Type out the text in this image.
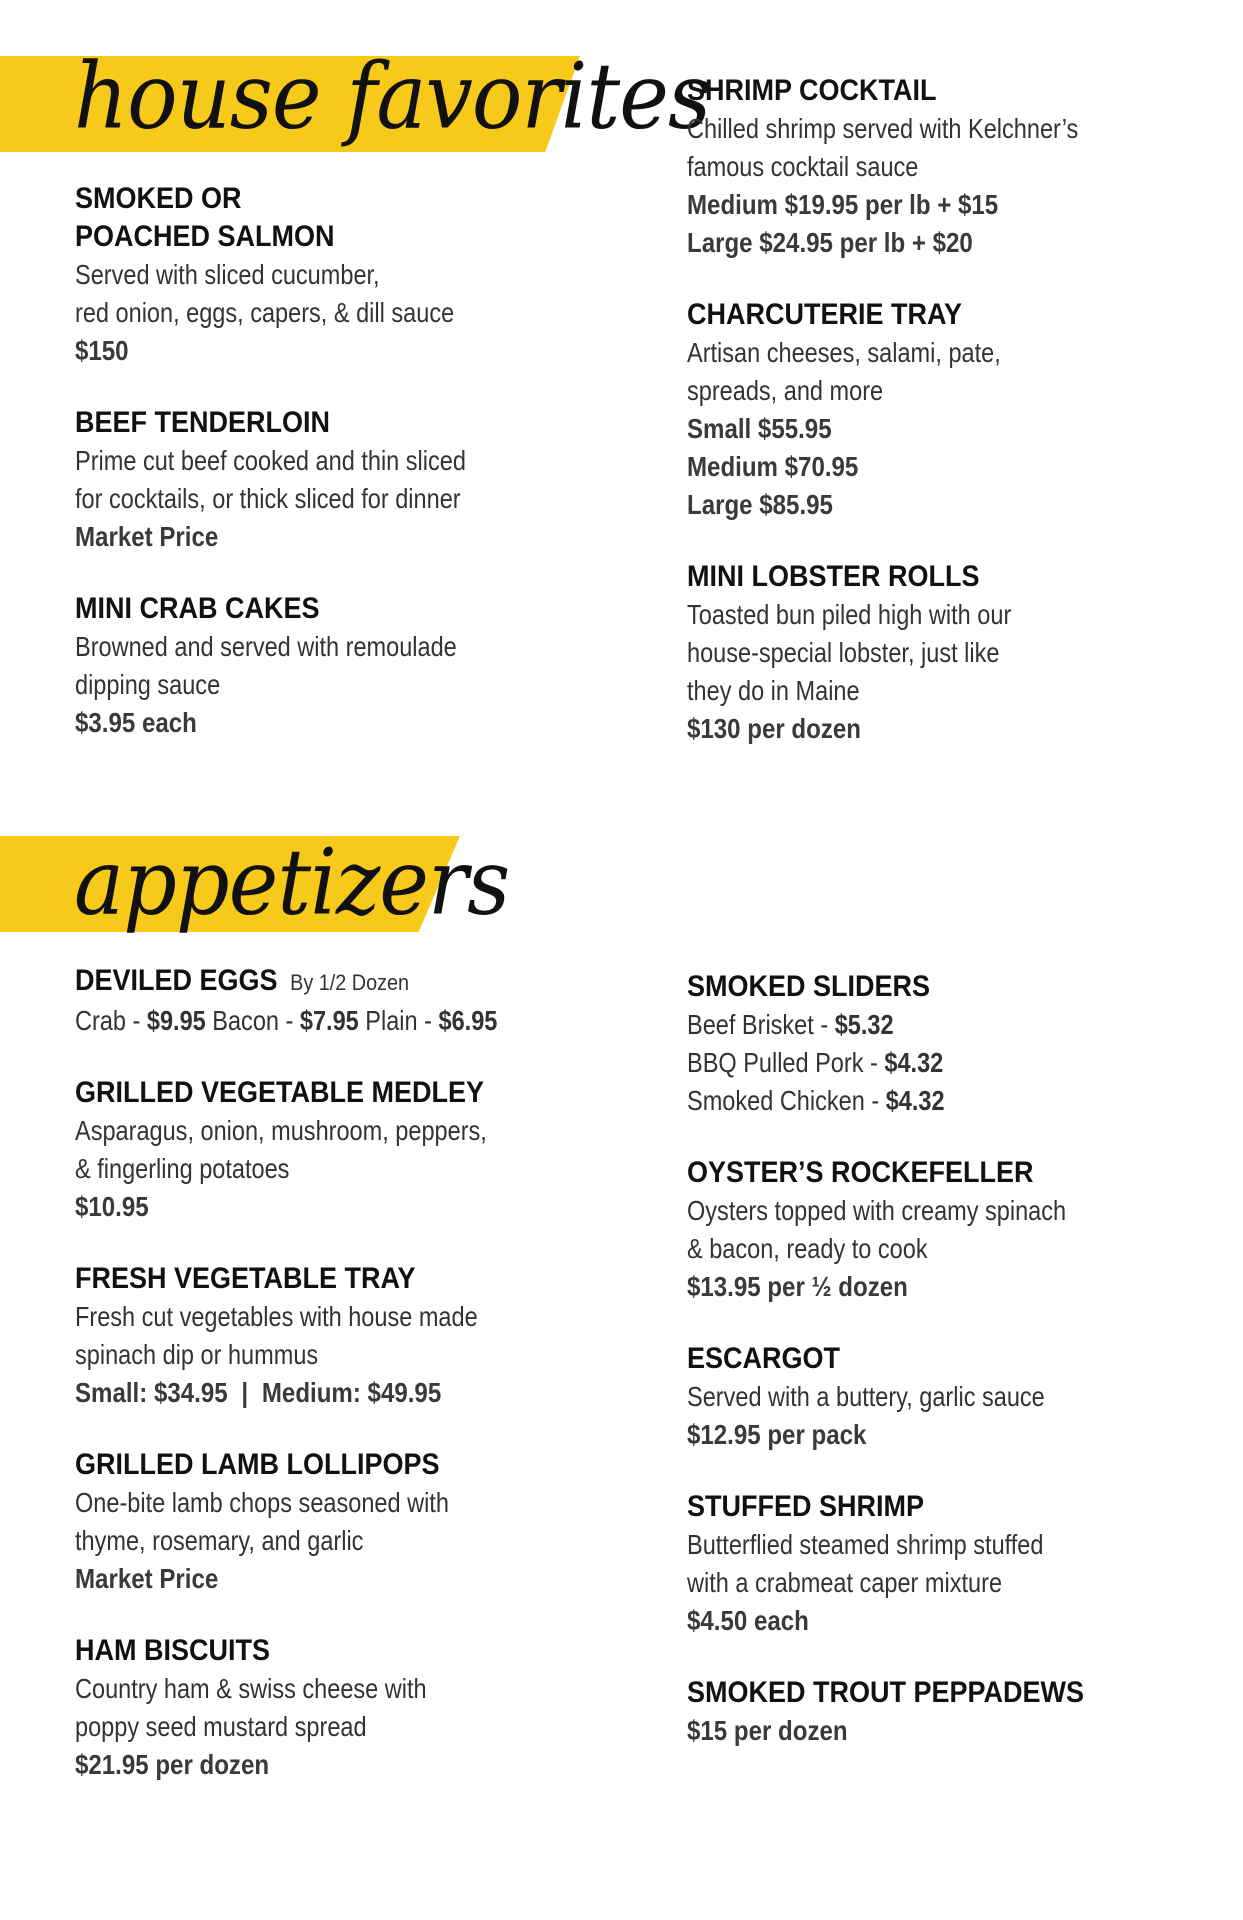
house favorites
SMOKED OR
POACHED SALMON
Served with sliced cucumber,
red onion, eggs, capers, & dill sauce
$150
BEEF TENDERLOIN
Prime cut beef cooked and thin sliced
for cocktails, or thick sliced for dinner
Market Price
MINI CRAB CAKES
Browned and served with remoulade
dipping sauce
$3.95 each
SHRIMP COCKTAIL
Chilled shrimp served with Kelchner’s
famous cocktail sauce
Medium $19.95 per lb + $15
Large $24.95 per lb + $20
CHARCUTERIE TRAY
Artisan cheeses, salami, pate,
spreads, and more
Small $55.95
Medium $70.95
Large $85.95
MINI LOBSTER ROLLS
Toasted bun piled high with our
house-special lobster, just like
they do in Maine
$130 per dozen
appetizers
DEVILED EGGS By 1/2 Dozen
Crab - $9.95 Bacon - $7.95 Plain - $6.95
GRILLED VEGETABLE MEDLEY
Asparagus, onion, mushroom, peppers,
& fingerling potatoes
$10.95
FRESH VEGETABLE TRAY
Fresh cut vegetables with house made
spinach dip or hummus
Small: $34.95 | Medium: $49.95
GRILLED LAMB LOLLIPOPS
One-bite lamb chops seasoned with
thyme, rosemary, and garlic
Market Price
HAM BISCUITS
Country ham & swiss cheese with
poppy seed mustard spread
$21.95 per dozen
SMOKED SLIDERS
Beef Brisket - $5.32
BBQ Pulled Pork - $4.32
Smoked Chicken - $4.32
OYSTER’S ROCKEFELLER
Oysters topped with creamy spinach
& bacon, ready to cook
$13.95 per ½ dozen
ESCARGOT
Served with a buttery, garlic sauce
$12.95 per pack
STUFFED SHRIMP
Butterflied steamed shrimp stuffed
with a crabmeat caper mixture
$4.50 each
SMOKED TROUT PEPPADEWS
$15 per dozen
